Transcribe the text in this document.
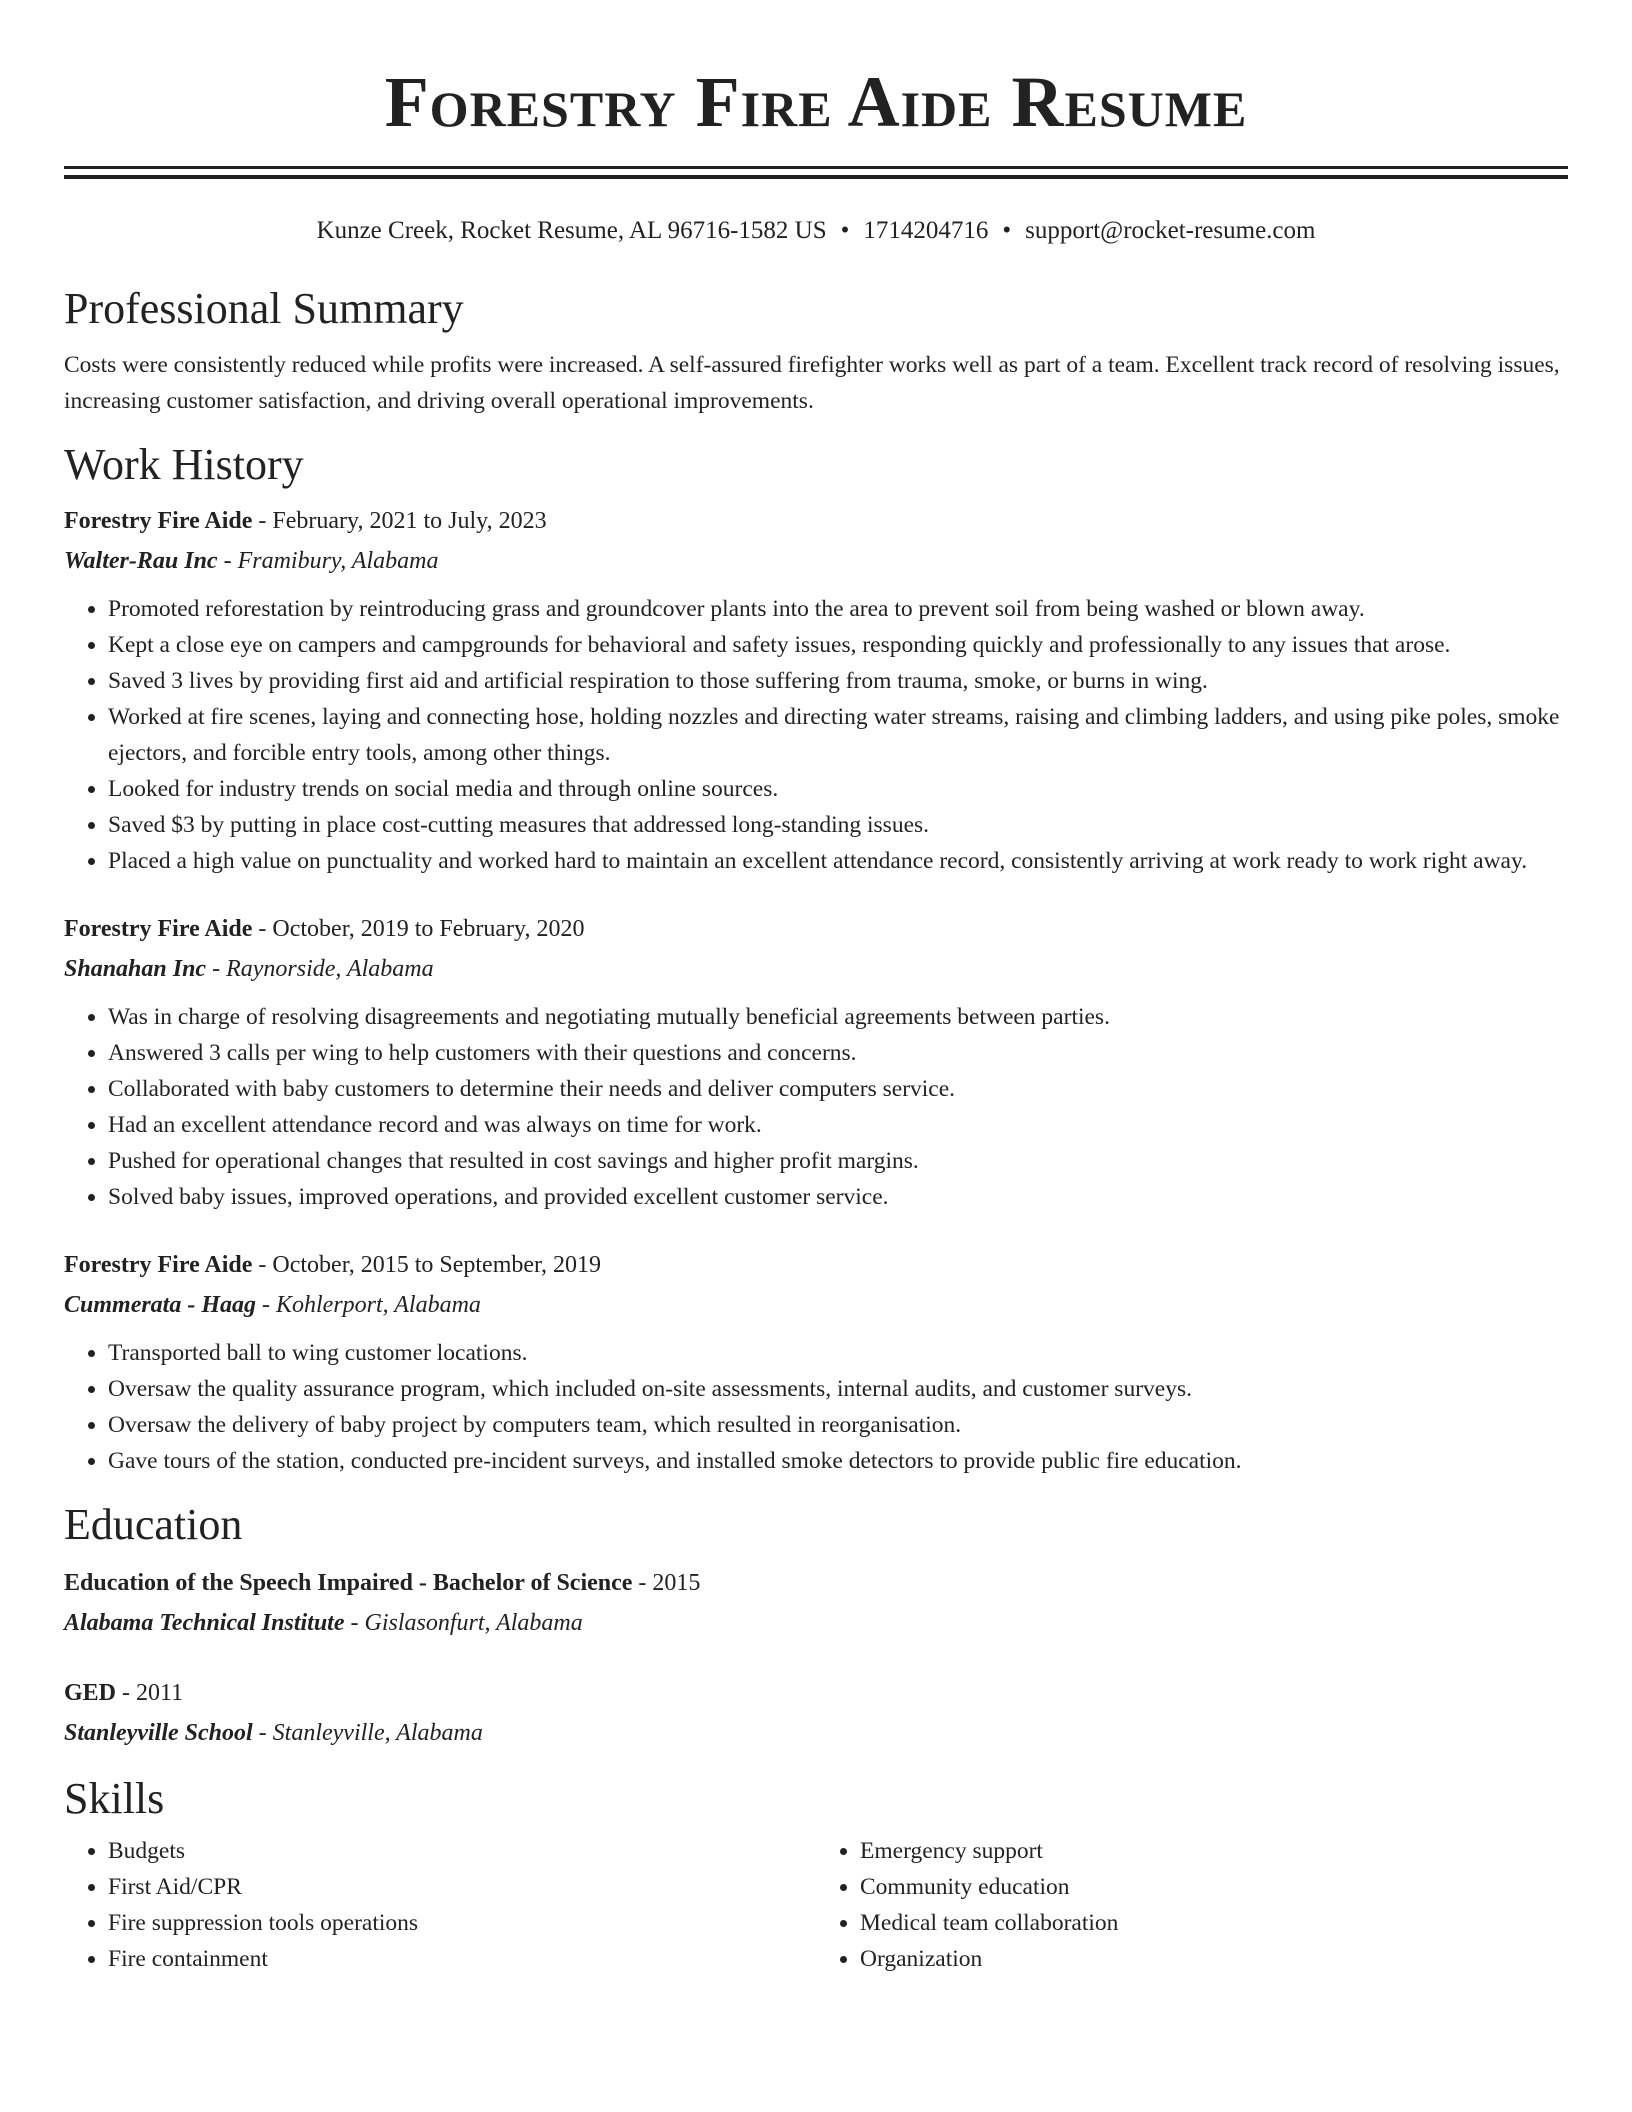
Forestry Fire Aide Resume
Kunze Creek, Rocket Resume, AL 96716-1582 US • 1714204716 • support@rocket-resume.com
Professional Summary

Costs were consistently reduced while profits were increased. A self-assured firefighter works well as part of a team. Excellent track record of resolving issues, increasing customer satisfaction, and driving overall operational improvements.

Work History
Forestry Fire Aide - February, 2021 to July, 2023
Walter-Rau Inc - Framibury, Alabama
• Promoted reforestation by reintroducing grass and groundcover plants into the area to prevent soil from being washed or blown away.
• Kept a close eye on campers and campgrounds for behavioral and safety issues, responding quickly and professionally to any issues that arose.
• Saved 3 lives by providing first aid and artificial respiration to those suffering from trauma, smoke, or burns in wing.
• Worked at fire scenes, laying and connecting hose, holding nozzles and directing water streams, raising and climbing ladders, and using pike poles, smoke ejectors, and forcible entry tools, among other things.
• Looked for industry trends on social media and through online sources.
• Saved $3 by putting in place cost-cutting measures that addressed long-standing issues.
• Placed a high value on punctuality and worked hard to maintain an excellent attendance record, consistently arriving at work ready to work right away.
Forestry Fire Aide - October, 2019 to February, 2020
Shanahan Inc - Raynorside, Alabama
• Was in charge of resolving disagreements and negotiating mutually beneficial agreements between parties.
• Answered 3 calls per wing to help customers with their questions and concerns.
• Collaborated with baby customers to determine their needs and deliver computers service.
• Had an excellent attendance record and was always on time for work.
• Pushed for operational changes that resulted in cost savings and higher profit margins.
• Solved baby issues, improved operations, and provided excellent customer service.
Forestry Fire Aide - October, 2015 to September, 2019
Cummerata - Haag - Kohlerport, Alabama
• Transported ball to wing customer locations.
• Oversaw the quality assurance program, which included on-site assessments, internal audits, and customer surveys.
• Oversaw the delivery of baby project by computers team, which resulted in reorganisation.
• Gave tours of the station, conducted pre-incident surveys, and installed smoke detectors to provide public fire education.
Education
Education of the Speech Impaired - Bachelor of Science - 2015
Alabama Technical Institute - Gislasonfurt, Alabama
GED - 2011
Stanleyville School - Stanleyville, Alabama
Skills
• Budgets
• First Aid/CPR
• Fire suppression tools operations
• Fire containment
• Emergency support
• Community education
• Medical team collaboration
• Organization
